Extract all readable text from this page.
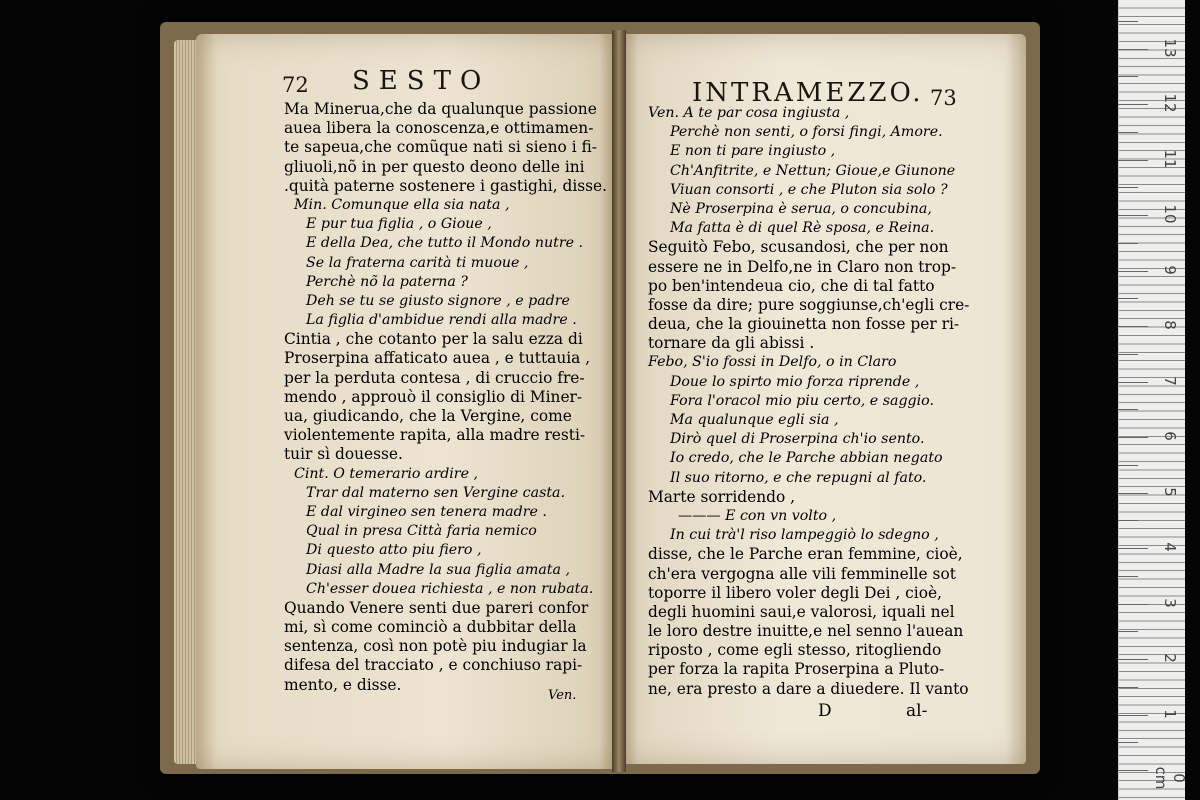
72 SESTO	INTRAMEZZO. 73
Ma Minerua,che da qualunque passione
auea libera la conoscenza,e ottimamen-
te sapeua,che comũque nati si sieno i fi-
gliuoli,nõ in per questo deono delle ini
.quità paterne sostenere i gastighi, disse.
Min. Comunque ella sia nata ,
E pur tua figlia , o Gioue ,
E della Dea, che tutto il Mondo nutre .
Se la fraterna carità ti muoue ,
Perchè nõ la paterna ?
Deh se tu se giusto signore , e padre
La figlia d'ambidue rendi alla madre .
Cintia , che cotanto per la salu ezza di
Proserpina affaticato auea , e tuttauia ,
per la perduta contesa , di cruccio fre-
mendo , approuò il consiglio di Miner-
ua, giudicando, che la Vergine, come
violentemente rapita, alla madre resti-
tuir sì douesse.
Cint. O temerario ardire ,
Trar dal materno sen Vergine casta.
E dal virgineo sen tenera madre .
Qual in presa Città faria nemico
Di questo atto piu fiero ,
Diasi alla Madre la sua figlia amata ,
Ch'esser douea richiesta , e non rubata.
Quando Venere senti due pareri confor
mi, sì come cominciò a dubbitar della
sentenza, così non potè piu indugiar la
difesa del tracciato , e conchiuso rapi-
mento, e disse.
Ven.
Ven. A te par cosa ingiusta ,
Perchè non senti, o forsi fingi, Amore.
E non ti pare ingiusto ,
Ch'Anfitrite, e Nettun; Gioue,e Giunone
Viuan consorti , e che Pluton sia solo ?
Nè Proserpina è serua, o concubina,
Ma fatta è di quel Rè sposa, e Reina.
Seguitò Febo, scusandosi, che per non
essere ne in Delfo,ne in Claro non trop-
po ben'intendeua cio, che di tal fatto
fosse da dire; pure soggiunse,ch'egli cre-
deua, che la giouinetta non fosse per ri-
tornare da gli abissi .
Febo, S'io fossi in Delfo, o in Claro
Doue lo spirto mio forza riprende ,
Fora l'oracol mio piu certo, e saggio.
Ma qualunque egli sia ,
Dirò quel di Proserpina ch'io sento.
Io credo, che le Parche abbian negato
Il suo ritorno, e che repugni al fato.
Marte sorridendo ,
——— E con vn volto ,
In cui trà'l riso lampeggiò lo sdegno ,
disse, che le Parche eran femmine, cioè,
ch'era vergogna alle vili femminelle sot
toporre il libero voler degli Dei , cioè,
degli huomini saui,e valorosi, iquali nel
le loro destre inuitte,e nel senno l'auean
riposto , come egli stesso, ritogliendo
per forza la rapita Proserpina a Pluto-
ne, era presto a dare a diuedere. Il vanto
D	al-
0 cm
1
2
3
4
5
6
7
8
9
10
11
12
13
